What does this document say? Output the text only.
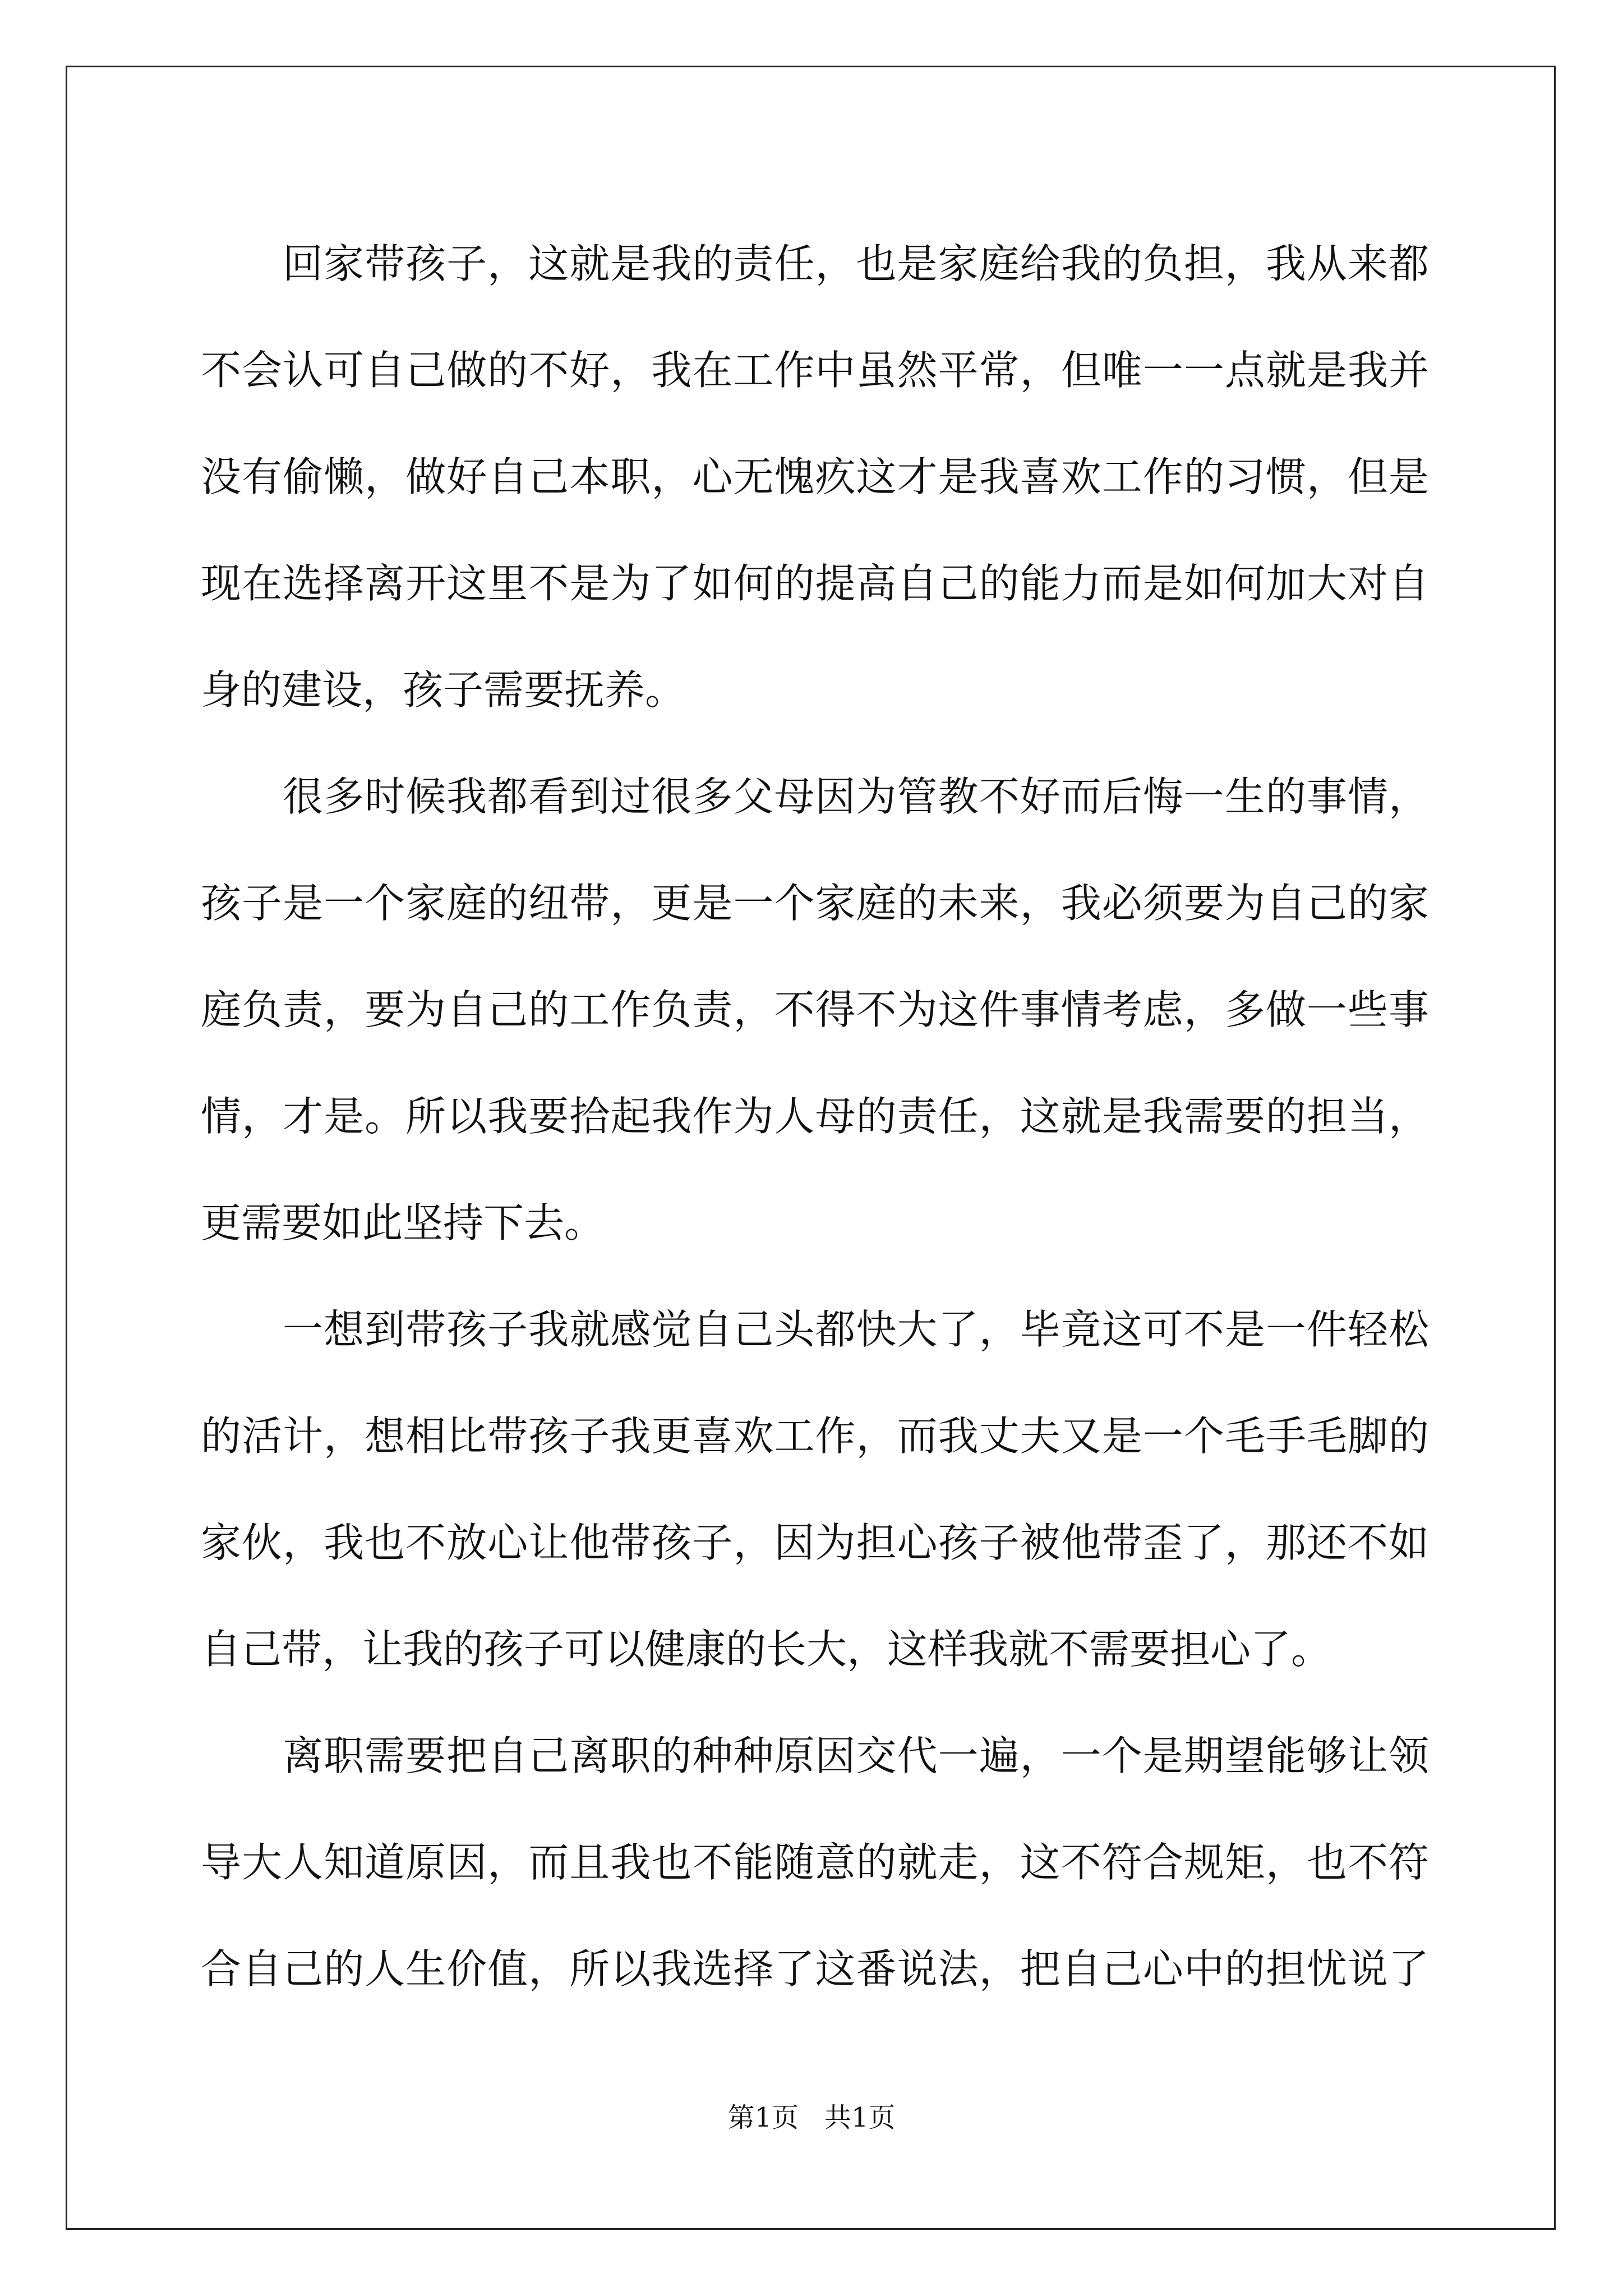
回家带孩子，这就是我的责任，也是家庭给我的负担，我从来都
不会认可自己做的不好，我在工作中虽然平常，但唯一一点就是我并
没有偷懒，做好自己本职，心无愧疚这才是我喜欢工作的习惯，但是
现在选择离开这里不是为了如何的提高自己的能力而是如何加大对自
身的建设，孩子需要抚养。
很多时候我都看到过很多父母因为管教不好而后悔一生的事情，
孩子是一个家庭的纽带，更是一个家庭的未来，我必须要为自己的家
庭负责，要为自己的工作负责，不得不为这件事情考虑，多做一些事
情，才是。所以我要拾起我作为人母的责任，这就是我需要的担当，
更需要如此坚持下去。
一想到带孩子我就感觉自己头都快大了，毕竟这可不是一件轻松
的活计，想相比带孩子我更喜欢工作，而我丈夫又是一个毛手毛脚的
家伙，我也不放心让他带孩子，因为担心孩子被他带歪了，那还不如
自己带，让我的孩子可以健康的长大，这样我就不需要担心了。
离职需要把自己离职的种种原因交代一遍，一个是期望能够让领
导大人知道原因，而且我也不能随意的就走，这不符合规矩，也不符
合自己的人生价值，所以我选择了这番说法，把自己心中的担忧说了
第1页   共1页
